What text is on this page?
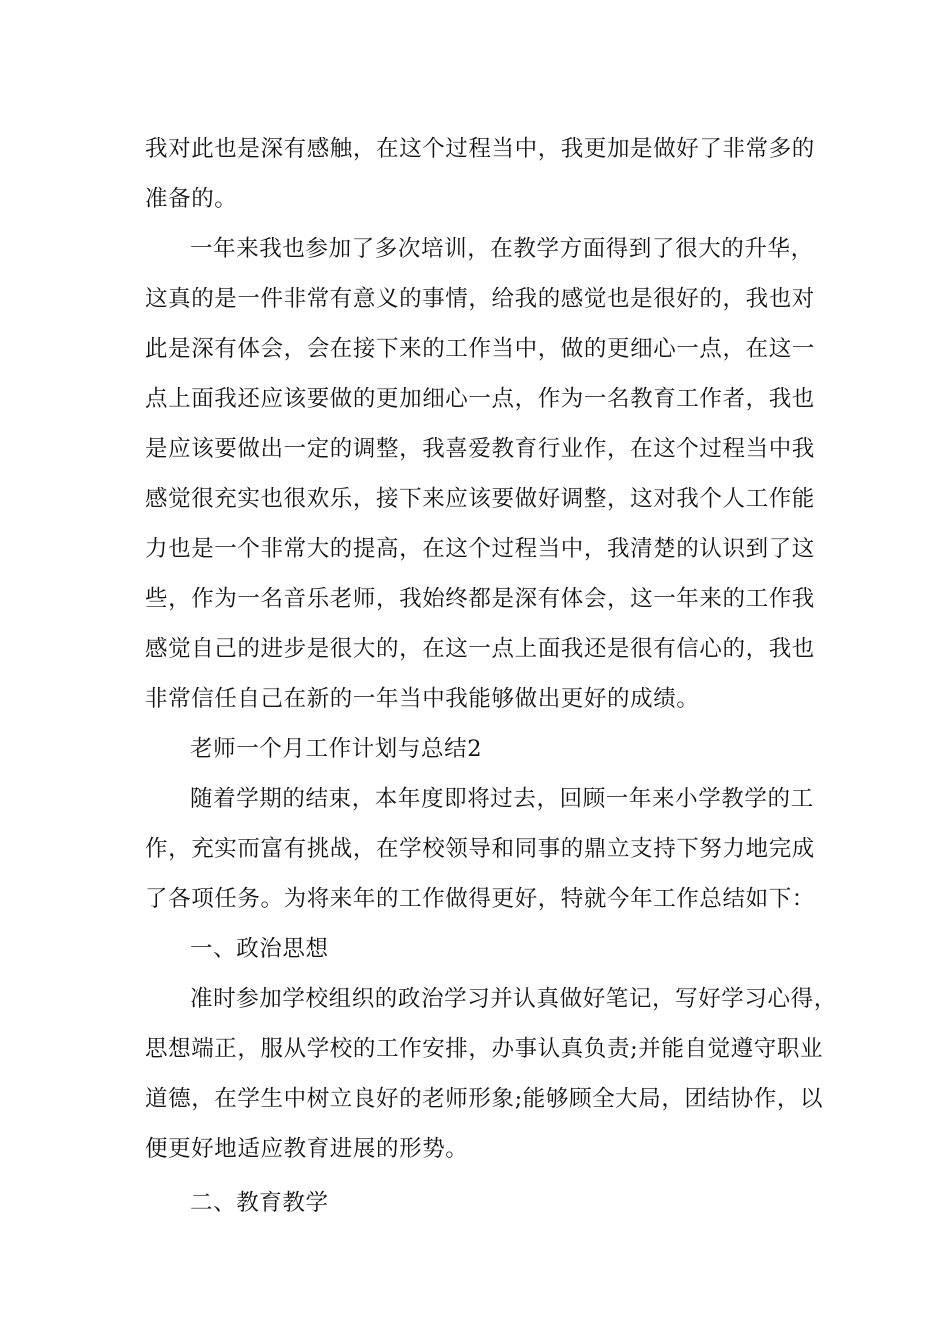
我对此也是深有感触，在这个过程当中，我更加是做好了非常多的
准备的。
一年来我也参加了多次培训，在教学方面得到了很大的升华，
这真的是一件非常有意义的事情，给我的感觉也是很好的，我也对
此是深有体会，会在接下来的工作当中，做的更细心一点，在这一
点上面我还应该要做的更加细心一点，作为一名教育工作者，我也
是应该要做出一定的调整，我喜爱教育行业作，在这个过程当中我
感觉很充实也很欢乐，接下来应该要做好调整，这对我个人工作能
力也是一个非常大的提高，在这个过程当中，我清楚的认识到了这
些，作为一名音乐老师，我始终都是深有体会，这一年来的工作我
感觉自己的进步是很大的，在这一点上面我还是很有信心的，我也
非常信任自己在新的一年当中我能够做出更好的成绩。
老师一个月工作计划与总结2
随着学期的结束，本年度即将过去，回顾一年来小学教学的工
作，充实而富有挑战，在学校领导和同事的鼎立支持下努力地完成
了各项任务。为将来年的工作做得更好，特就今年工作总结如下：
一、政治思想
准时参加学校组织的政治学习并认真做好笔记，写好学习心得，
思想端正，服从学校的工作安排，办事认真负责;并能自觉遵守职业
道德，在学生中树立良好的老师形象;能够顾全大局，团结协作，以
便更好地适应教育进展的形势。
二、教育教学
